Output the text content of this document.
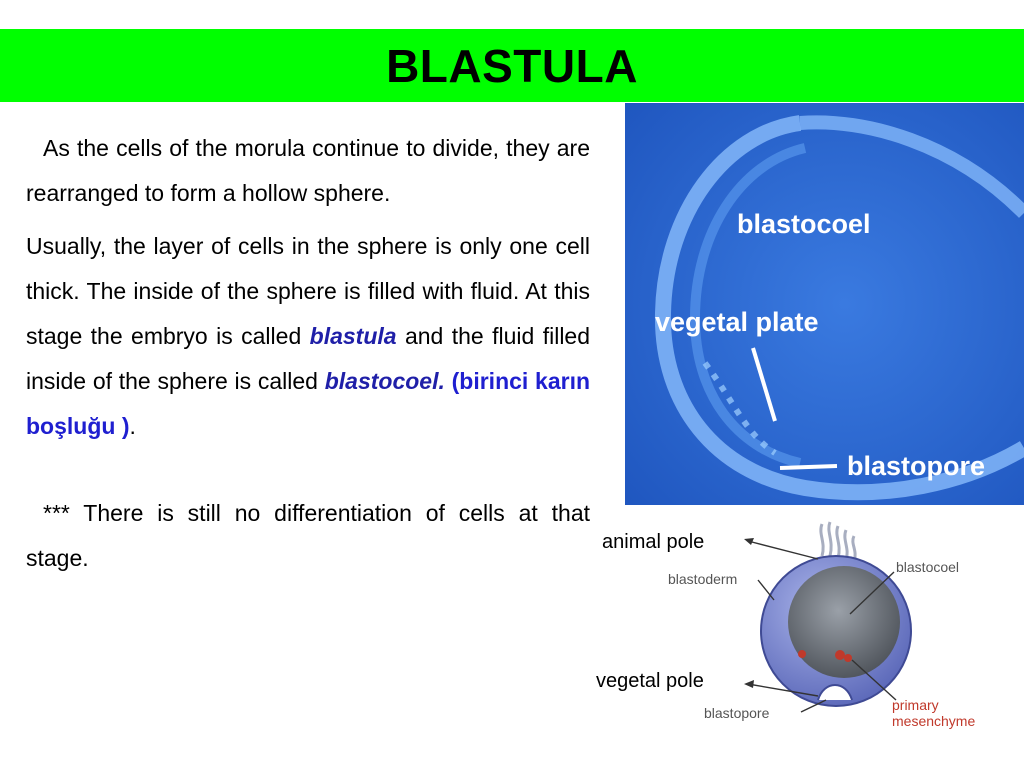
BLASTULA

As the cells of the morula continue to divide, they are rearranged to form a hollow sphere.

Usually, the layer of cells in the sphere is only one cell thick. The inside of the sphere is filled with fluid. At this stage the embryo is called blastula and the fluid filled inside of the sphere is called blastocoel. (birinci karın boşluğu ).

*** There is still no differentiation of cells at that stage.

blastocoel
vegetal plate
blastopore
blastoderm
blastocoel
blastopore	primary
mesenchyme
animal pole
vegetal pole
